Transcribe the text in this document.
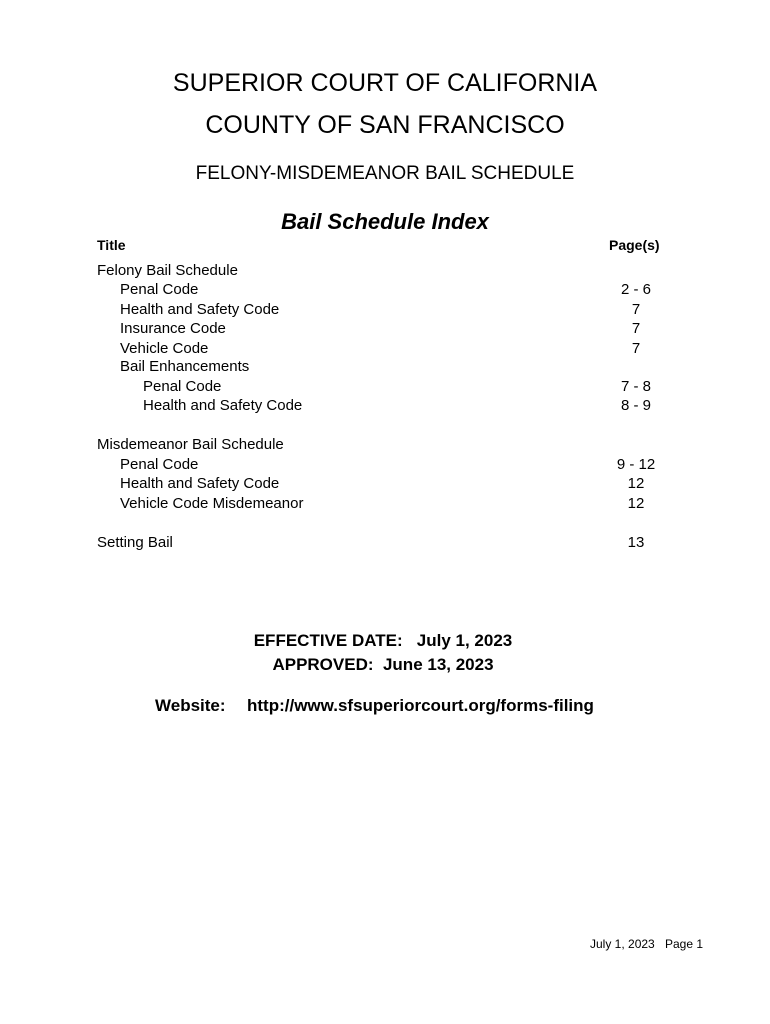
SUPERIOR COURT OF CALIFORNIA
COUNTY OF SAN FRANCISCO
FELONY-MISDEMEANOR BAIL SCHEDULE
Bail Schedule Index
Title	Page(s)
Felony Bail Schedule
Penal Code	2 - 6
Health and Safety Code	7
Insurance Code	7
Vehicle Code	7
Bail Enhancements
Penal Code	7 - 8
Health and Safety Code	8 - 9
Misdemeanor Bail Schedule
Penal Code	9 - 12
Health and Safety Code	12
Vehicle Code Misdemeanor	12
Setting Bail	13
EFFECTIVE DATE:   July 1, 2023
APPROVED:  June 13, 2023
Website: http://www.sfsuperiorcourt.org/forms-filing
July 1, 2023 Page 1
